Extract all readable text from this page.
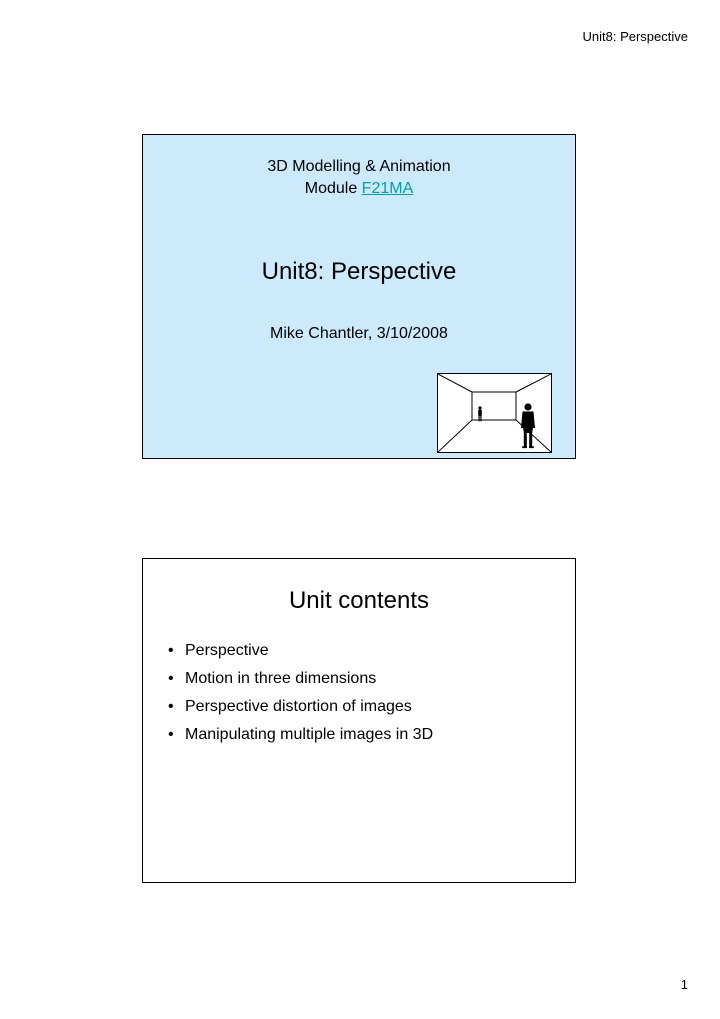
Unit8: Perspective
3D Modelling & Animation
Module F21MA
Unit8: Perspective
Mike Chantler, 3/10/2008
Unit contents
• Perspective
• Motion in three dimensions
• Perspective distortion of images
• Manipulating multiple images in 3D
1
